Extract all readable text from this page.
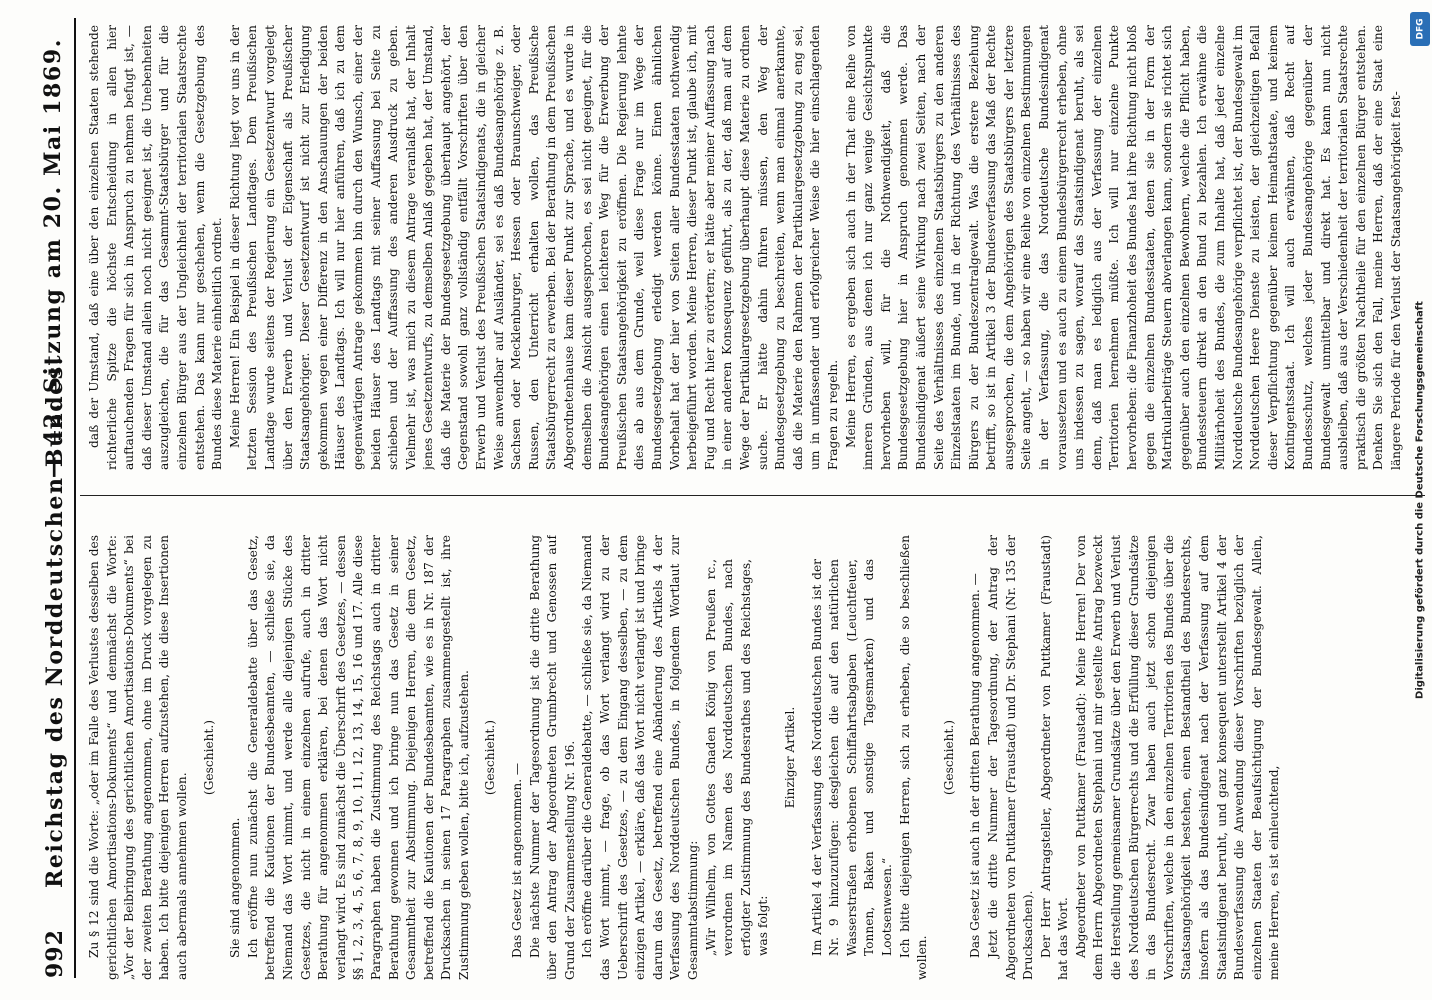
992
Reichstag des Norddeutschen Bundes.
— 42. Sitzung am 20. Mai 1869.

Zu § 12 sind die Worte: „oder im Falle des Verlustes desselben des gerichtlichen Amortisations-Dokuments“ und demnächst die Worte: „Vor der Beibringung des gerichtlichen Amortisations-Dokuments“ bei der zweiten Berathung angenommen, ohne im Druck vorgelegen zu haben. Ich bitte diejenigen Herren aufzustehen, die diese Insertionen auch abermals annehmen wollen.

(Geschieht.)

Sie sind angenommen. Ich eröffne nun zunächst die Generaldebatte über das Gesetz, betreffend die Kautionen der Bundesbeamten, — schließe sie, da Niemand das Wort nimmt, und werde alle diejenigen Stücke des Gesetzes, die nicht in einem einzelnen aufrufe, auch in dritter Berathung für angenommen erklären, bei denen das Wort nicht verlangt wird. Es sind zunächst die Überschrift des Gesetzes, — dessen §§ 1, 2, 3, 4, 5, 6, 7, 8, 9, 10, 11, 12, 13, 14, 15, 16 und 17. Alle diese Paragraphen haben die Zustimmung des Reichstags auch in dritter Berathung gewonnen und ich bringe nun das Gesetz in seiner Gesammtheit zur Abstimmung. Diejenigen Herren, die dem Gesetz, betreffend die Kautionen der Bundesbeamten, wie es in Nr. 187 der Drucksachen in seinen 17 Paragraphen zusammengestellt ist, ihre Zustimmung geben wollen, bitte ich, aufzustehen. (Geschieht.)

Das Gesetz ist angenommen. — Die nächste Nummer der Tagesordnung ist die dritte Berathung über den Antrag der Abgeordneten Grumbrecht und Genossen auf Grund der Zusammenstellung Nr. 196. Ich eröffne darüber die Generaldebatte, — schließe sie, da Niemand das Wort nimmt, — frage, ob das Wort verlangt wird zu der Ueberschrift des Gesetzes, — zu dem Eingang desselben, — zu dem einzigen Artikel, — erkläre, daß das Wort nicht verlangt ist und bringe darum das Gesetz, betreffend eine Abänderung des Artikels 4 der Verfassung des Norddeutschen Bundes, in folgendem Wortlaut zur Gesammtabstimmung: „Wir Wilhelm, von Gottes Gnaden König von Preußen rc., verordnen im Namen des Norddeutschen Bundes, nach erfolgter Zustimmung des Bundesrathes und des Reichstages, was folgt:

Einziger Artikel. Im Artikel 4 der Verfassung des Norddeutschen Bundes ist der Nr. 9 hinzuzufügen: desgleichen die auf den natürlichen Wasserstraßen erhobenen Schiffahrtsabgaben (Leuchtfeuer, Tonnen, Baken und sonstige Tagesmarken) und das Lootsenwesen.“ Ich bitte diejenigen Herren, sich zu erheben, die so beschließen wollen.

(Geschieht.) Das Gesetz ist auch in der dritten Berathung angenommen. — Jetzt die dritte Nummer der Tagesordnung, der Antrag der Abgeordneten von Puttkamer (Fraustadt) und Dr. Stephani (Nr. 135 der Drucksachen). Der Herr Antragsteller, Abgeordneter von Puttkamer (Fraustadt) hat das Wort. Abgeordneter von Puttkamer (Fraustadt): Meine Herren! Der von dem Herrn Abgeordneten Stephani und mir gestellte Antrag bezweckt die Herstellung gemeinsamer Grundsätze über den Erwerb und Verlust des Norddeutschen Bürgerrechts und die Erfüllung dieser Grundsätze in das Bundesrecht. Zwar haben auch jetzt schon diejenigen Vorschriften, welche in den einzelnen Territorien des Bundes über die Staatsangehörigkeit bestehen, einen Bestandtheil des Bundesrechts, insofern als das Bundesindigenat nach der Verfassung auf dem Staatsindigenat beruht, und ganz konsequent unterstellt Artikel 4 der Bundesverfassung die Anwendung dieser Vorschriften bezüglich der einzelnen Staaten der Beaufsichtigung der Bundesgewalt. Allein, meine Herren, es ist einleuchtend,

daß der Umstand, daß eine über den einzelnen Staaten stehende richterliche Spitze die höchste Entscheidung in allen hier auftauchenden Fragen für sich in Anspruch zu nehmen befugt ist, — daß dieser Umstand allein noch nicht geeignet ist, die Unebenheiten auszugleichen, die für das Gesammt-Staatsbürger und für die einzelnen Bürger aus der Ungleichheit der territorialen Staatsrechte entstehen. Das kann nur geschehen, wenn die Gesetzgebung des Bundes diese Materie einheitlich ordnet. Meine Herren! Ein Beispiel in dieser Richtung liegt vor uns in der letzten Session des Preußischen Landtages. Dem Preußischen Landtage wurde seitens der Regierung ein Gesetzentwurf vorgelegt über den Erwerb und Verlust der Eigenschaft als Preußischer Staatsangehöriger. Dieser Gesetzentwurf ist nicht zur Erledigung gekommen wegen einer Differenz in den Anschauungen der beiden Häuser des Landtags. Ich will nur hier anführen, daß ich zu dem gegenwärtigen Antrage gekommen bin durch den Wunsch, einer der beiden Häuser des Landtags mit seiner Auffassung bei Seite zu schieben und der Auffassung des anderen Ausdruck zu geben. Vielmehr ist, was mich zu diesem Antrage veranlaßt hat, der Inhalt jenes Gesetzentwurfs, zu demselben Anlaß gegeben hat, der Umstand, daß die Materie der Bundesgesetzgebung überhaupt angehört, der Gegenstand sowohl ganz vollständig entfällt Vorschriften über den Erwerb und Verlust des Preußischen Staatsindigenats, die in gleicher Weise anwendbar auf Ausländer, sei es daß Bundesangehörige z. B. Sachsen oder Mecklenburger, Hessen oder Braunschweiger, oder Russen, den Unterricht erhalten wollen, das Preußische Staatsbürgerrecht zu erwerben. Bei der Berathung in dem Preußischen Abgeordnetenhause kam dieser Punkt zur Sprache, und es wurde in demselben die Ansicht ausgesprochen, es sei nicht geeignet, für die Bundesangehörigen einen leichteren Weg für die Erwerbung der Preußischen Staatsangehörigkeit zu eröffnen. Die Regierung lehnte dies ab aus dem Grunde, weil diese Frage nur im Wege der Bundesgesetzgebung erledigt werden könne. Einen ähnlichen Vorbehalt hat der hier von Seiten aller Bundesstaaten nothwendig herbeigeführt worden. Meine Herren, dieser Punkt ist, glaube ich, mit Fug und Recht hier zu erörtern; er hätte aber meiner Auffassung nach in einer anderen Konsequenz geführt, als zu der, daß man auf dem Wege der Partikulargesetzgebung überhaupt diese Materie zu ordnen suche. Er hätte dahin führen müssen, den Weg der Bundesgesetzgebung zu beschreiten, wenn man einmal anerkannte, daß die Materie den Rahmen der Partikulargesetzgebung zu eng sei, um in umfassender und erfolgreicher Weise die hier einschlagenden Fragen zu regeln. Meine Herren, es ergeben sich auch in der That eine Reihe von inneren Gründen, aus denen ich nur ganz wenige Gesichtspunkte hervorheben will, für die Nothwendigkeit, daß die Bundesgesetzgebung hier in Anspruch genommen werde. Das Bundesindigenat äußert seine Wirkung nach zwei Seiten, nach der Seite des Verhältnisses des einzelnen Staatsbürgers zu den anderen Einzelstaaten im Bunde, und in der Richtung des Verhältnisses des Bürgers zu der Bundeszentralgewalt. Was die erstere Beziehung betrifft, so ist in Artikel 3 der Bundesverfassung das Maß der Rechte ausgesprochen, die dem Angehörigen des Staatsbürgers der letztere Seite angeht, — so haben wir eine Reihe von einzelnen Bestimmungen in der Verfassung, die das Norddeutsche Bundesindigenat voraussetzen und es auch zu einem Bundesbürgerrecht erheben, ohne uns indessen zu sagen, worauf das Staatsindigenat beruht, als sei denn, daß man es lediglich aus der Verfassung der einzelnen Territorien hernehmen müßte. Ich will nur einzelne Punkte hervorheben: die Finanzhoheit des Bundes hat ihre Richtung nicht bloß gegen die einzelnen Bundesstaaten, denen sie in der Form der Matrikularbeiträge Steuern abverlangen kann, sondern sie richtet sich gegenüber auch den einzelnen Bewohnern, welche die Pflicht haben, Bundessteuern direkt an den Bund zu bezahlen. Ich erwähne die Militärhoheit des Bundes, die zum Inhalte hat, daß jeder einzelne Norddeutsche Bundesangehörige verpflichtet ist, der Bundesgewalt im Norddeutschen Heere Dienste zu leisten, der gleichzeitigen Befall dieser Verpflichtung gegenüber keinem Heimathstaate, und keinem Kontingentsstaat. Ich will auch erwähnen, daß Recht auf Bundesschutz, welches jeder Bundesangehörige gegenüber der Bundesgewalt unmittelbar und direkt hat. Es kann nun nicht ausbleiben, daß aus der Verschiedenheit der territorialen Staatsrechte praktisch die größten Nachtheile für den einzelnen Bürger entstehen. Denken Sie sich den Fall, meine Herren, daß der eine Staat eine längere Periode für den Verlust der Staatsangehörigkeit fest-

DFG
Digitalisierung gefördert durch die Deutsche Forschungsgemeinschaft
